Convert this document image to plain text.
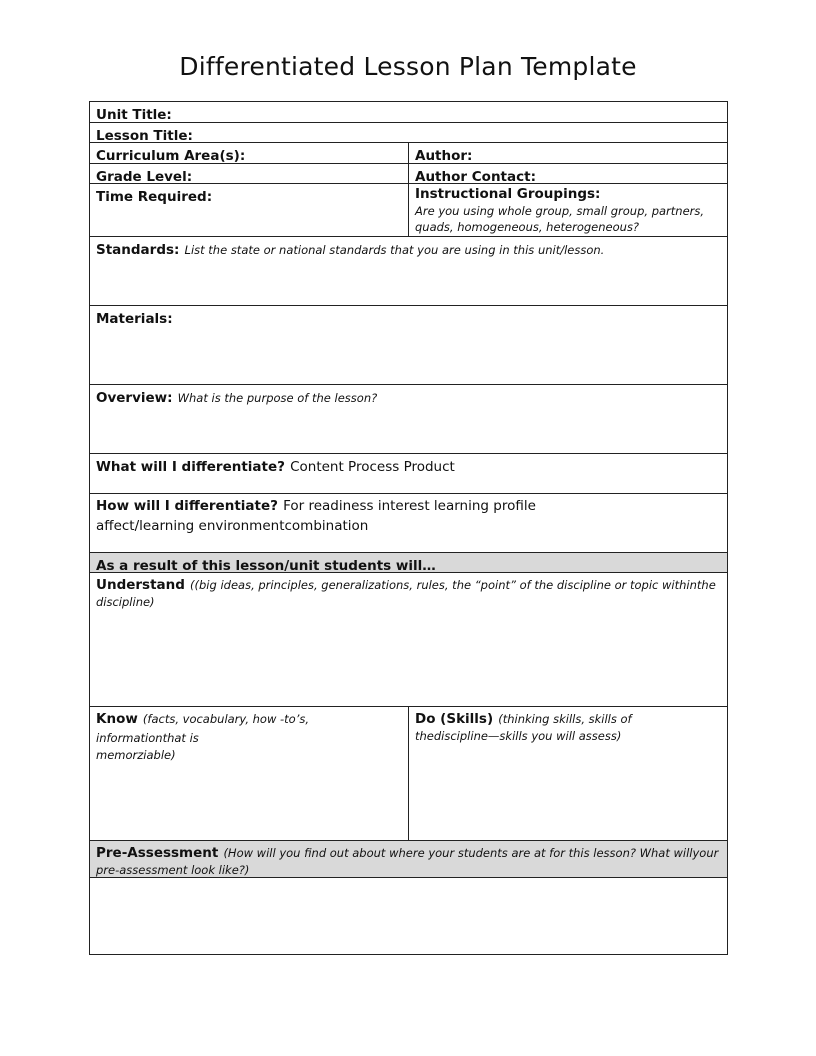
Differentiated Lesson Plan Template
Unit Title:
Lesson Title:
Curriculum Area(s):	Author:
Grade Level:	Author Contact:
Time Required:	Instructional Groupings:
Are you using whole group, small group, partners,
quads, homogeneous, heterogeneous?
Standards: List the state or national standards that you are using in this unit/lesson.
Materials:
Overview: What is the purpose of the lesson?
What will I differentiate? Content Process Product
How will I differentiate? For readiness interest learning profile
affect/learning environmentcombination
As a result of this lesson/unit students will…
Understand ((big ideas, principles, generalizations, rules, the “point” of the discipline or topic withinthe
discipline)
Know (facts, vocabulary, how -to’s, informationthat is
memorziable)
Do (Skills) (thinking skills, skills of
thediscipline—skills you will assess)
Pre-Assessment (How will you find out about where your students are at for this lesson? What willyour
pre-assessment look like?)
